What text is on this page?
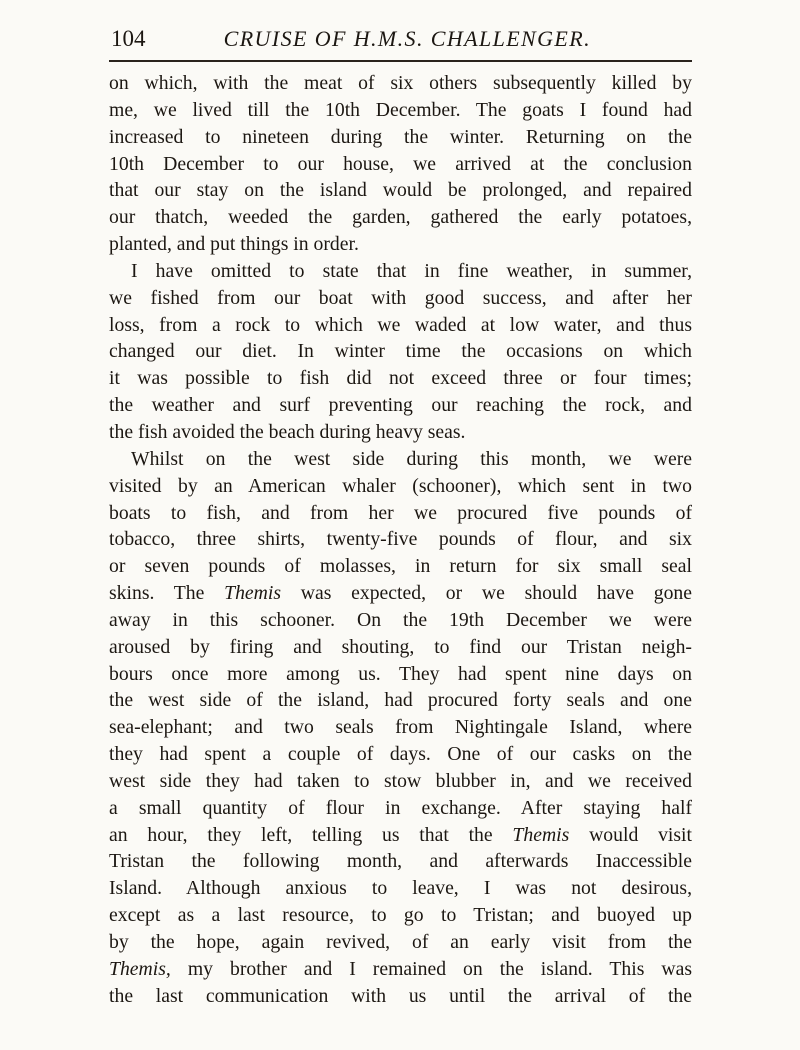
104	CRUISE OF H.M.S. CHALLENGER.
on which, with the meat of six others subsequently killed by
me, we lived till the 10th December. The goats I found had
increased to nineteen during the winter. Returning on the
10th December to our house, we arrived at the conclusion
that our stay on the island would be prolonged, and repaired
our thatch, weeded the garden, gathered the early potatoes,
planted, and put things in order.
I have omitted to state that in fine weather, in summer,
we fished from our boat with good success, and after her
loss, from a rock to which we waded at low water, and thus
changed our diet. In winter time the occasions on which
it was possible to fish did not exceed three or four times;
the weather and surf preventing our reaching the rock, and
the fish avoided the beach during heavy seas.
Whilst on the west side during this month, we were
visited by an American whaler (schooner), which sent in two
boats to fish, and from her we procured five pounds of
tobacco, three shirts, twenty-five pounds of flour, and six
or seven pounds of molasses, in return for six small seal
skins. The Themis was expected, or we should have gone
away in this schooner. On the 19th December we were
aroused by firing and shouting, to find our Tristan neigh-
bours once more among us. They had spent nine days on
the west side of the island, had procured forty seals and one
sea-elephant; and two seals from Nightingale Island, where
they had spent a couple of days. One of our casks on the
west side they had taken to stow blubber in, and we received
a small quantity of flour in exchange. After staying half
an hour, they left, telling us that the Themis would visit
Tristan the following month, and afterwards Inaccessible
Island. Although anxious to leave, I was not desirous,
except as a last resource, to go to Tristan; and buoyed up
by the hope, again revived, of an early visit from the
Themis, my brother and I remained on the island. This was
the last communication with us until the arrival of the
